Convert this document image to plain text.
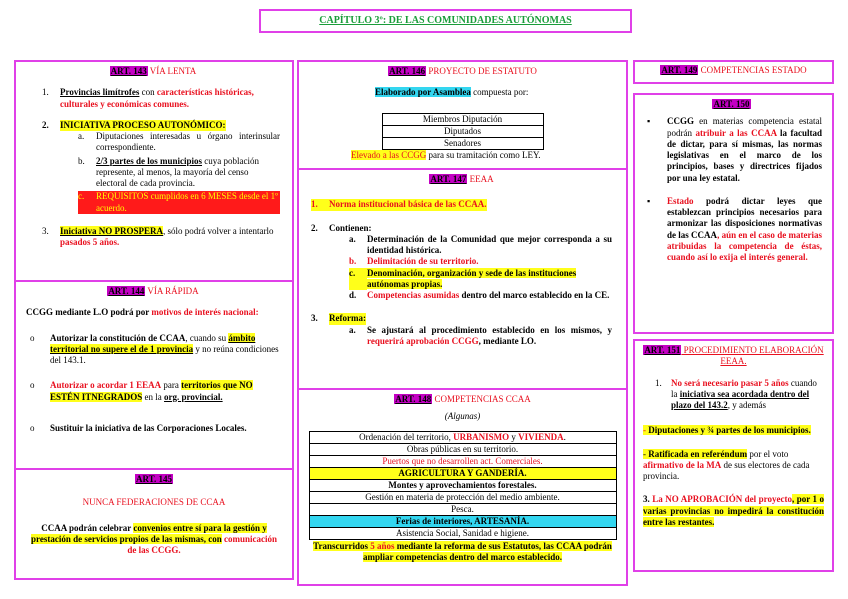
CAPÍTULO 3º: DE LAS COMUNIDADES AUTÓNOMAS
ART. 143 VÍA LENTA
1.	Provincias limítrofes con características históricas, culturales y económicas comunes.
2.	INICIATIVA PROCESO AUTONÓMICO:
a.	Diputaciones interesadas u órgano interinsular correspondiente.
b.	2/3 partes de los municipios cuya población represente, al menos, la mayoría del censo electoral de cada provincia.
c.	REQUISITOS cumplidos en 6 MESES desde el 1º acuerdo.
3.	Iniciativa NO PROSPERA, sólo podrá volver a intentarlo pasados 5 años.
ART. 144 VÍA RÁPIDA
CCGG mediante L.O podrá por motivos de interés nacional:
o	Autorizar la constitución de CCAA, cuando su ámbito territorial no supere el de 1 provincia y no reúna condiciones del 143.1.
o	Autorizar o acordar 1 EEAA para territorios que NO ESTÉN ITNEGRADOS en la org. provincial.
o	Sustituir la iniciativa de las Corporaciones Locales.
ART. 145
NUNCA FEDERACIONES DE CCAA
CCAA podrán celebrar convenios entre sí para la gestión y prestación de servicios propios de las mismas, con comunicación de las CCGG.
ART. 146 PROYECTO DE ESTATUTO
Elaborado por Asamblea compuesta por:
Miembros Diputación
Diputados
Senadores
Elevado a las CCGG para su tramitación como LEY.
ART. 147 EEAA
1.	Norma institucional básica de las CCAA.
2.	Contienen:
a.	Determinación de la Comunidad que mejor corresponda a su identidad histórica.
b.	Delimitación de su territorio.
c.	Denominación, organización y sede de las instituciones autónomas propias.
d.	Competencias asumidas dentro del marco establecido en la CE.
3.	Reforma:
a.	Se ajustará al procedimiento establecido en los mismos, y requerirá aprobación CCGG, mediante LO.
ART. 148 COMPETENCIAS CCAA
(Algunas)
Ordenación del territorio, URBANISMO y VIVIENDA.
Obras públicas en su territorio.
Puertos que no desarrollen act. Comerciales.
AGRICULTURA Y GANDERÍA.
Montes y aprovechamientos forestales.
Gestión en materia de protección del medio ambiente.
Pesca.
Ferias de interiores, ARTESANÍA.
Asistencia Social, Sanidad e higiene.
Transcurridos 5 años mediante la reforma de sus Estatutos, las CCAA podrán ampliar competencias dentro del marco establecido.
ART. 149 COMPETENCIAS ESTADO
ART. 150
▪	CCGG en materias competencia estatal podrán atribuir a las CCAA la facultad de dictar, para sí mismas, las normas legislativas en el marco de los principios, bases y directrices fijados por una ley estatal.
▪	Estado podrá dictar leyes que establezcan principios necesarios para armonizar las disposiciones normativas de las CCAA, aún en el caso de materias atribuidas la competencia de éstas, cuando así lo exija el interés general.
ART. 151 PROCEDIMIENTO ELABORACIÓN EEAA.
1.	No será necesario pasar 5 años cuando la iniciativa sea acordada dentro del plazo del 143.2, y además
- Diputaciones y ¾ partes de los municipios.
- Ratificada en referéndum por el voto afirmativo de la MA de sus electores de cada provincia.
3. La NO APROBACIÓN del proyecto, por 1 o varias provincias no impedirá la constitución entre las restantes.
